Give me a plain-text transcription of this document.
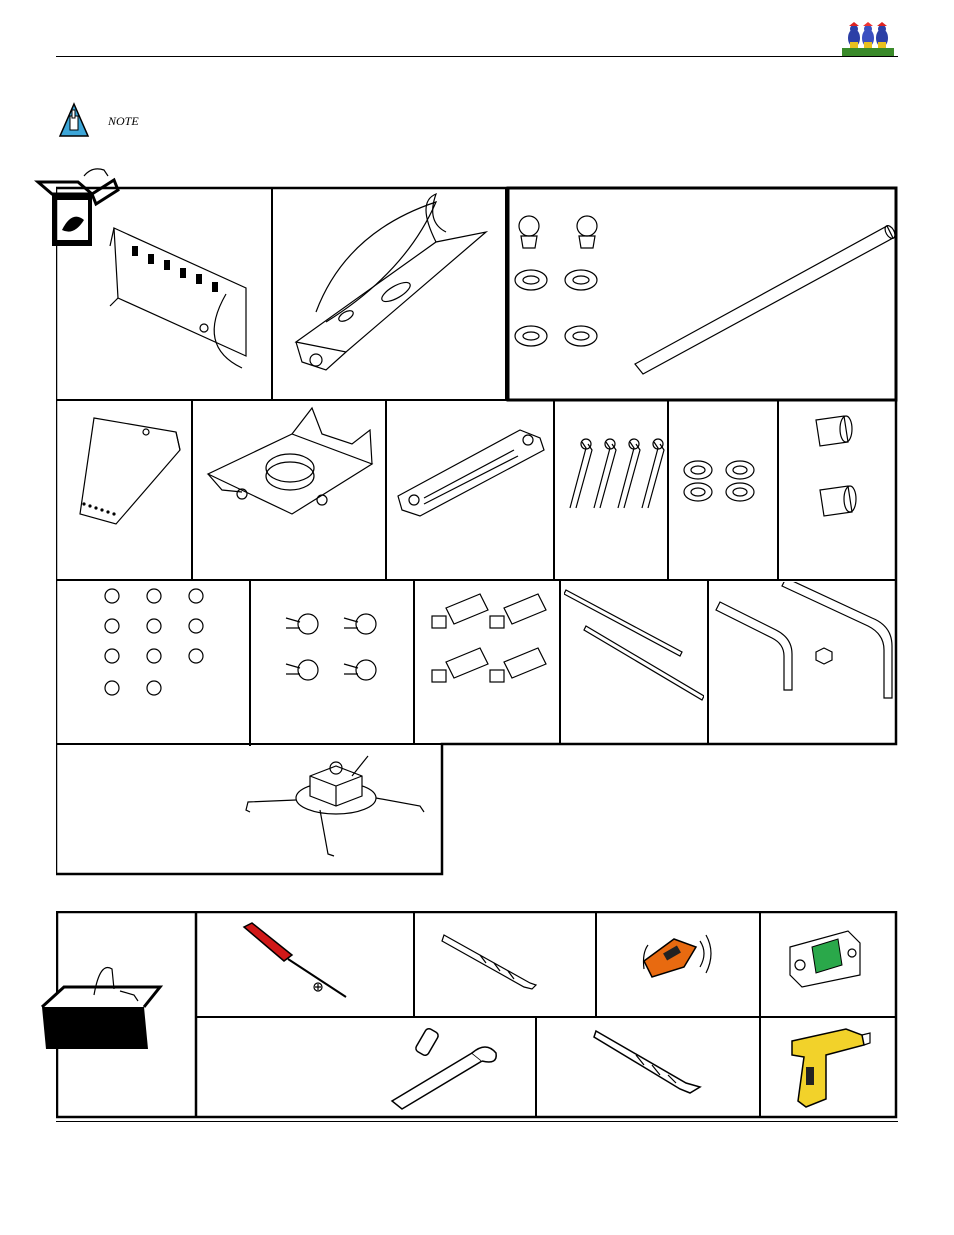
NOTE
